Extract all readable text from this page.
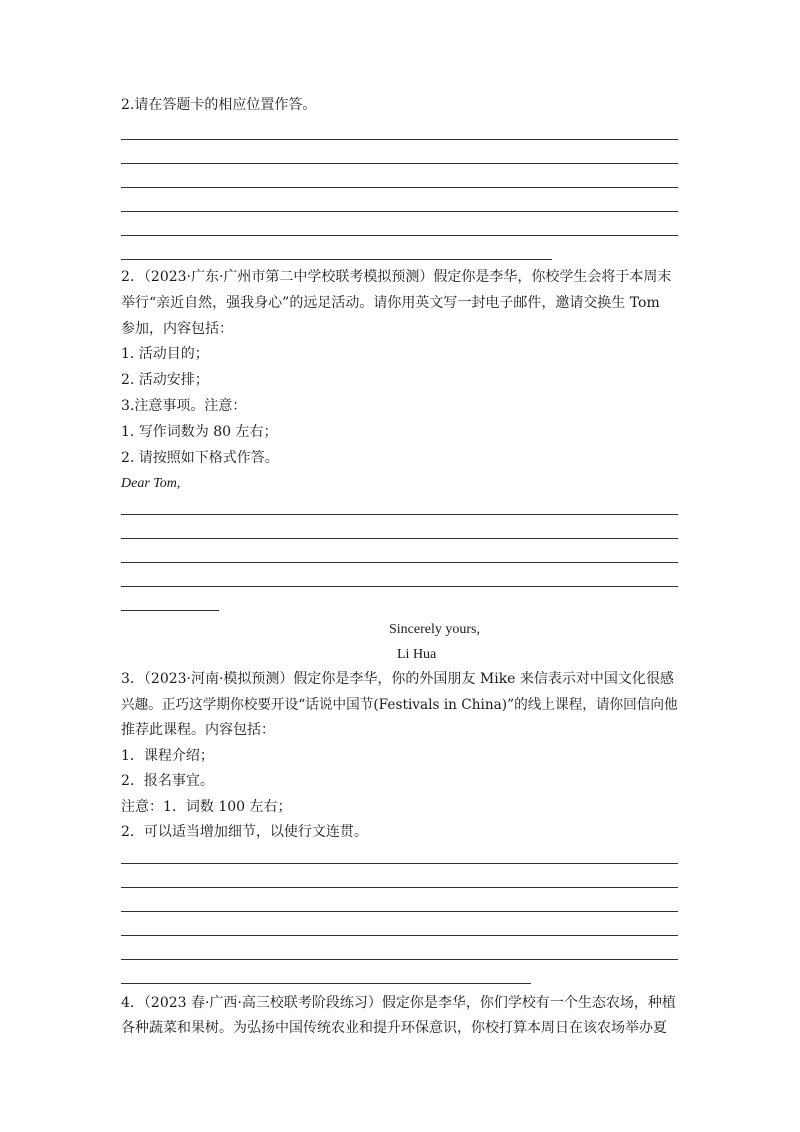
2.请在答题卡的相应位置作答。
2．（2023·广东·广州市第二中学校联考模拟预测）假定你是李华，你校学生会将于本周末
举行“亲近自然，强我身心”的远足活动。请你用英文写一封电子邮件，邀请交换生 Tom
参加，内容包括：
1. 活动目的；
2. 活动安排；
3.注意事项。注意：
1. 写作词数为 80 左右；
2. 请按照如下格式作答。
Dear Tom,
Sincerely yours,
Li Hua
3．（2023·河南·模拟预测）假定你是李华，你的外国朋友 Mike 来信表示对中国文化很感
兴趣。正巧这学期你校要开设“话说中国节(Festivals in China)”的线上课程，请你回信向他
推荐此课程。内容包括：
1．课程介绍；
2．报名事宜。
注意：1．词数 100 左右；
2．可以适当增加细节，以使行文连贯。
4．（2023 春·广西·高三校联考阶段练习）假定你是李华，你们学校有一个生态农场，种植
各种蔬菜和果树。为弘扬中国传统农业和提升环保意识，你校打算本周日在该农场举办夏
